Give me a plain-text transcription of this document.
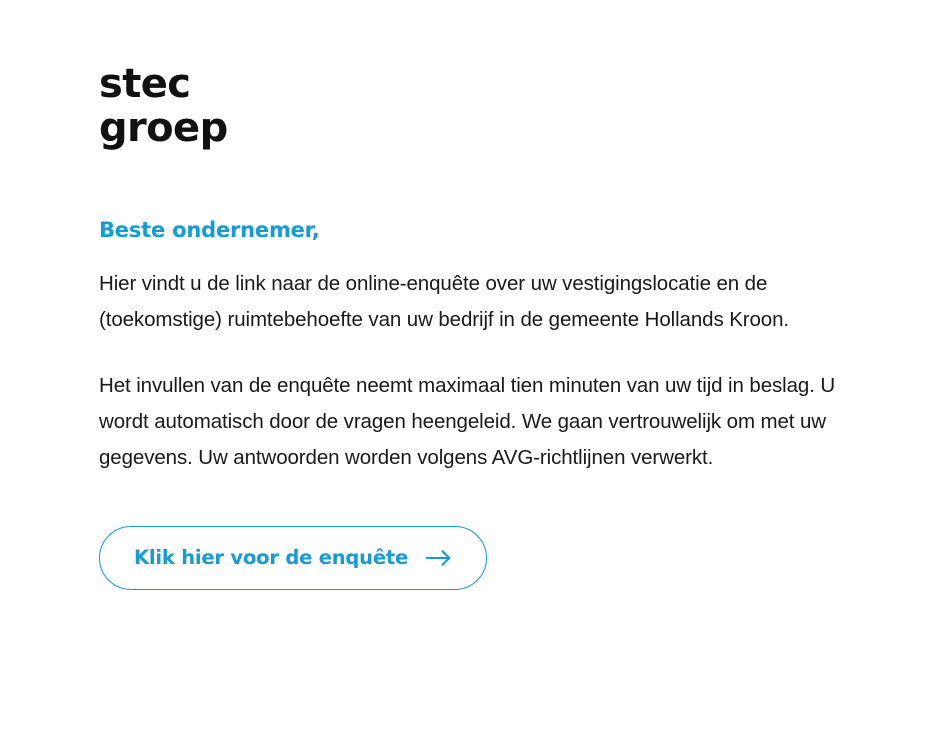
stec
groep

Beste ondernemer,

Hier vindt u de link naar de online-enquête over uw vestigingslocatie en de (toekomstige) ruimtebehoefte van uw bedrijf in de gemeente Hollands Kroon.

Het invullen van de enquête neemt maximaal tien minuten van uw tijd in beslag. U wordt automatisch door de vragen heengeleid. We gaan vertrouwelijk om met uw gegevens. Uw antwoorden worden volgens AVG-richtlijnen verwerkt.

Klik hier voor de enquête
